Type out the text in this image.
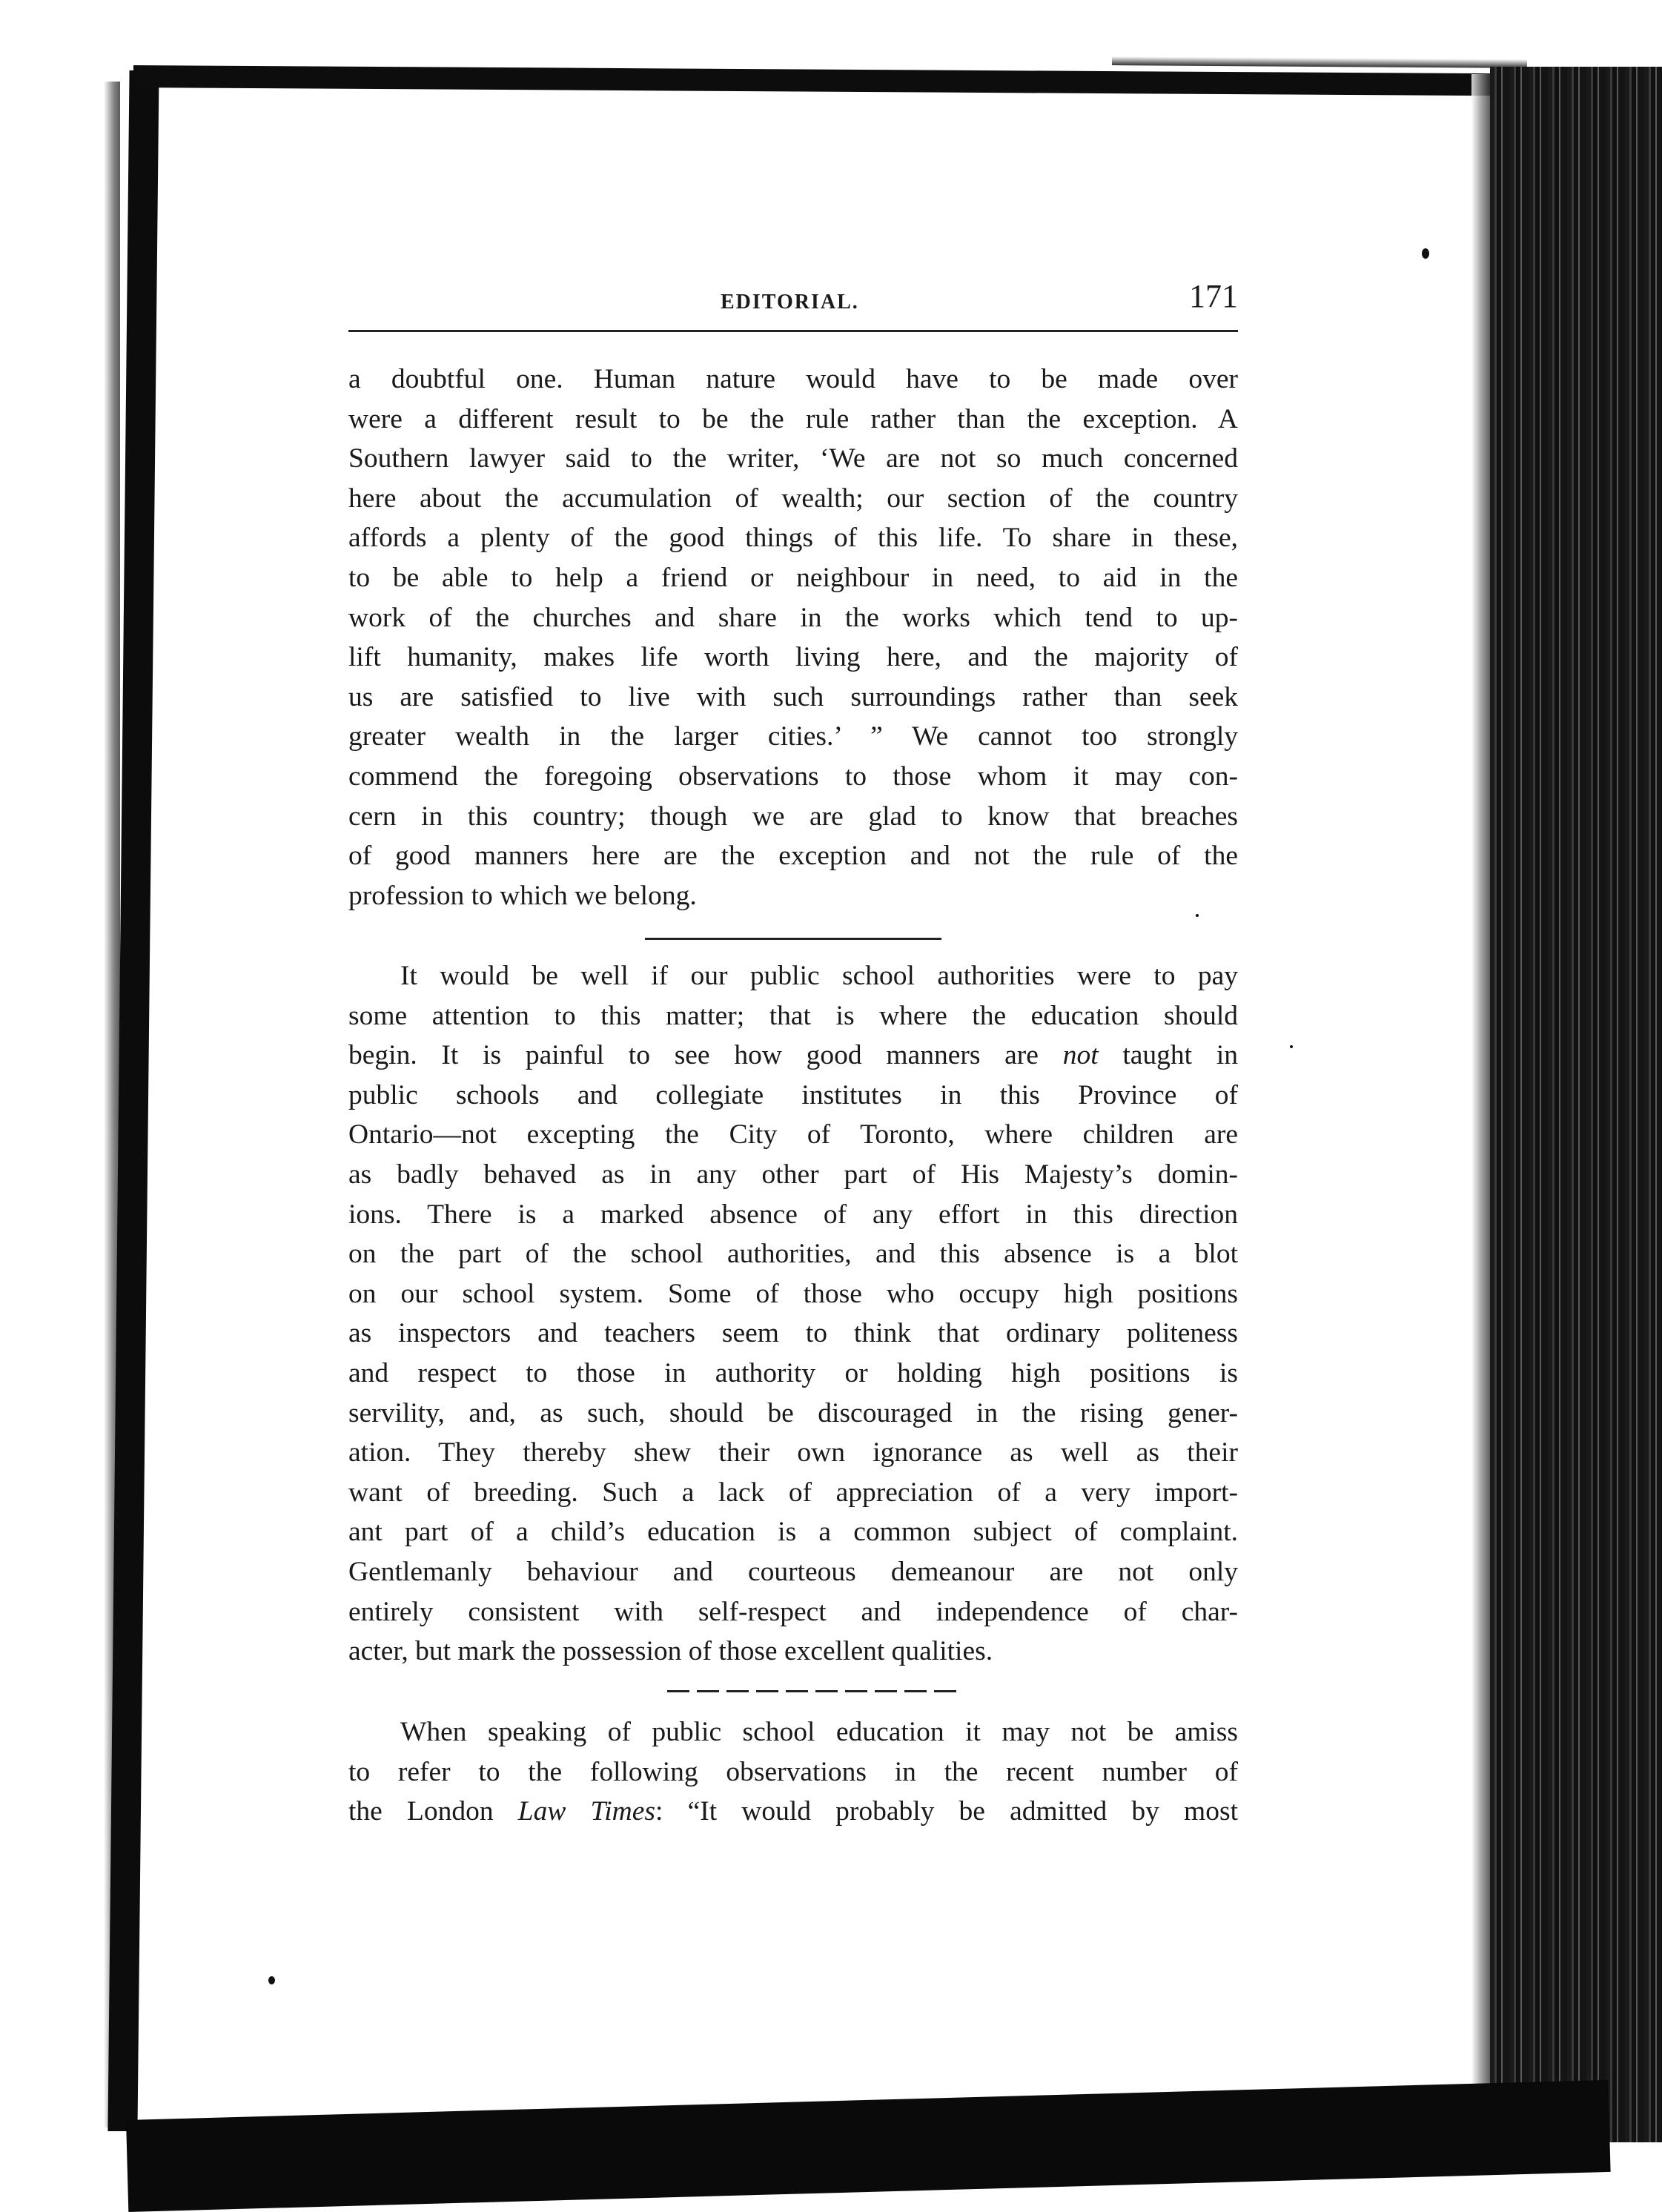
EDITORIAL.	171
a doubtful one. Human nature would have to be made over
were a different result to be the rule rather than the exception. A
Southern lawyer said to the writer, ‘We are not so much concerned
here about the accumulation of wealth; our section of the country
affords a plenty of the good things of this life. To share in these,
to be able to help a friend or neighbour in need, to aid in the
work of the churches and share in the works which tend to up-
lift humanity, makes life worth living here, and the majority of
us are satisfied to live with such surroundings rather than seek
greater wealth in the larger cities.’ ” We cannot too strongly
commend the foregoing observations to those whom it may con-
cern in this country; though we are glad to know that breaches
of good manners here are the exception and not the rule of the
profession to which we belong.
It would be well if our public school authorities were to pay
some attention to this matter; that is where the education should
begin. It is painful to see how good manners are not taught in
public schools and collegiate institutes in this Province of
Ontario—not excepting the City of Toronto, where children are
as badly behaved as in any other part of His Majesty’s domin-
ions. There is a marked absence of any effort in this direction
on the part of the school authorities, and this absence is a blot
on our school system. Some of those who occupy high positions
as inspectors and teachers seem to think that ordinary politeness
and respect to those in authority or holding high positions is
servility, and, as such, should be discouraged in the rising gener-
ation. They thereby shew their own ignorance as well as their
want of breeding. Such a lack of appreciation of a very import-
ant part of a child’s education is a common subject of complaint.
Gentlemanly behaviour and courteous demeanour are not only
entirely consistent with self-respect and independence of char-
acter, but mark the possession of those excellent qualities.
When speaking of public school education it may not be amiss
to refer to the following observations in the recent number of
the London Law Times: “It would probably be admitted by most
